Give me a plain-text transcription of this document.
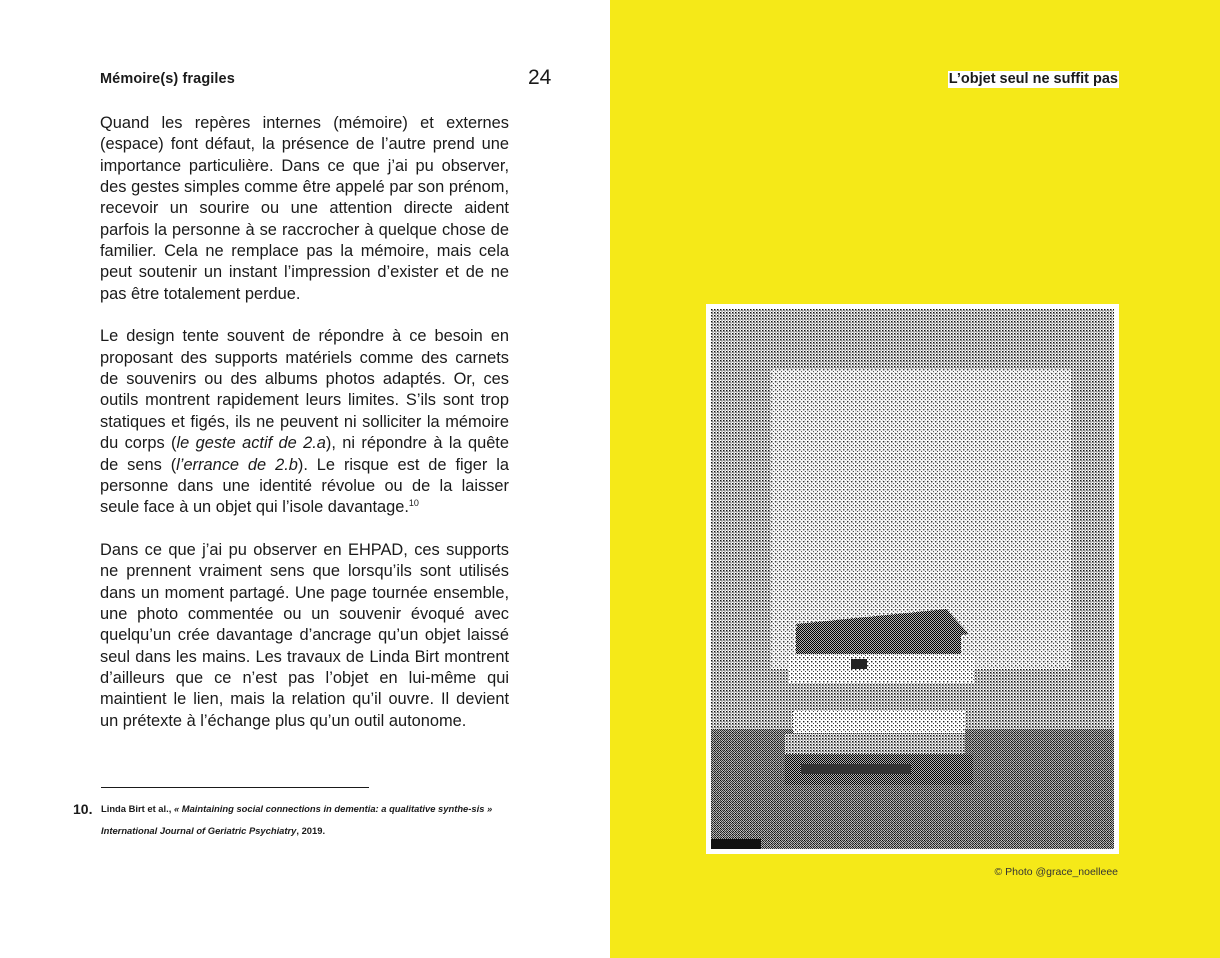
Mémoire(s) fragiles	24

Quand les repères internes (mémoire) et externes (espace) font défaut, la présence de l’autre prend une importance particulière. Dans ce que j’ai pu observer, des gestes simples comme être appelé par son prénom, recevoir un sourire ou une attention directe aident parfois la personne à se raccrocher à quelque chose de familier. Cela ne remplace pas la mémoire, mais cela peut soutenir un instant l’impression d’exister et de ne pas être totalement perdue.

Le design tente souvent de répondre à ce besoin en proposant des supports matériels comme des carnets de souvenirs ou des albums photos adaptés. Or, ces outils montrent rapidement leurs limites. S’ils sont trop statiques et figés, ils ne peuvent ni solliciter la mémoire du corps (le geste actif de 2.a), ni répondre à la quête de sens (l’errance de 2.b). Le risque est de figer la personne dans une identité révolue ou de la laisser seule face à un objet qui l’isole davantage.$^{10}$

Dans ce que j’ai pu observer en EHPAD, ces supports ne prennent vraiment sens que lorsqu’ils sont utilisés dans un moment partagé. Une page tournée ensemble, une photo commentée ou un souvenir évoqué avec quelqu’un crée davantage d’ancrage qu’un objet laissé seul dans les mains. Les travaux de Linda Birt montrent d’ailleurs que ce n’est pas l’objet en lui-même qui maintient le lien, mais la relation qu’il ouvre. Il devient un prétexte à l’échange plus qu’un outil autonome.

10. Linda Birt et al., « Maintaining social connections in dementia: a qualitative synthe-sis » International Journal of Geriatric Psychiatry, 2019.
L’objet seul ne suffit pas
© Photo @grace_noelleee
